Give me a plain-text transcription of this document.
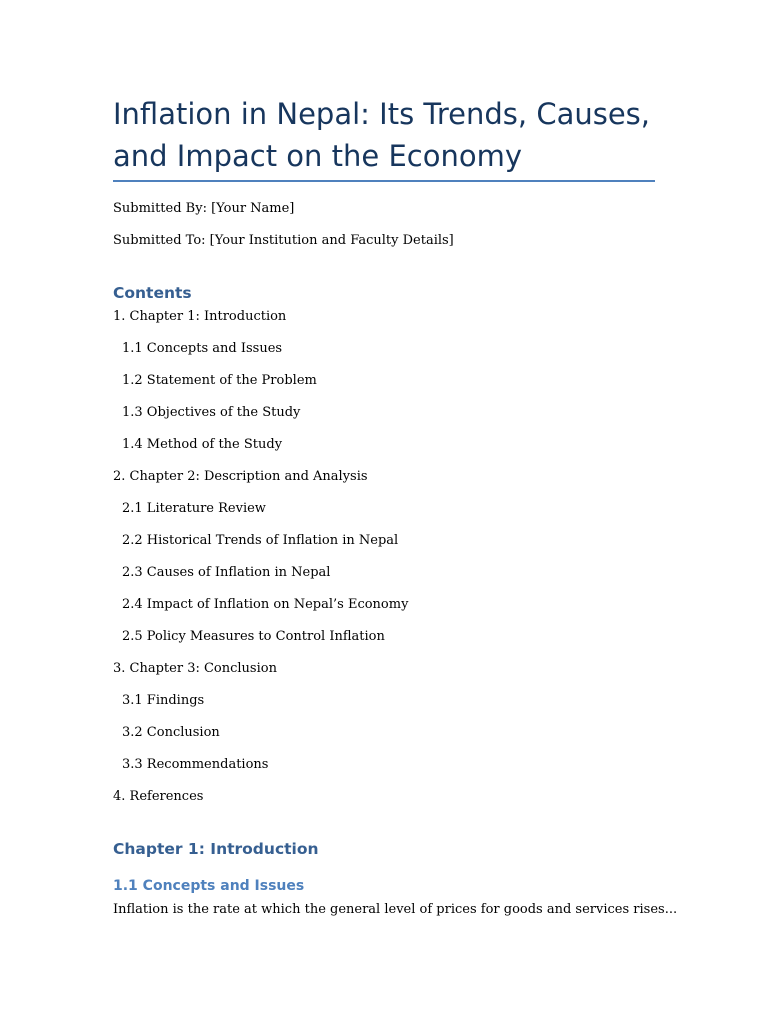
Inflation in Nepal: Its Trends, Causes,
and Impact on the Economy

Submitted By: [Your Name]

Submitted To: [Your Institution and Faculty Details]

Contents

1. Chapter 1: Introduction

1.1 Concepts and Issues

1.2 Statement of the Problem

1.3 Objectives of the Study

1.4 Method of the Study

2. Chapter 2: Description and Analysis

2.1 Literature Review

2.2 Historical Trends of Inflation in Nepal

2.3 Causes of Inflation in Nepal

2.4 Impact of Inflation on Nepal’s Economy

2.5 Policy Measures to Control Inflation

3. Chapter 3: Conclusion

3.1 Findings

3.2 Conclusion

3.3 Recommendations

4. References

Chapter 1: Introduction
1.1 Concepts and Issues

Inflation is the rate at which the general level of prices for goods and services rises...
